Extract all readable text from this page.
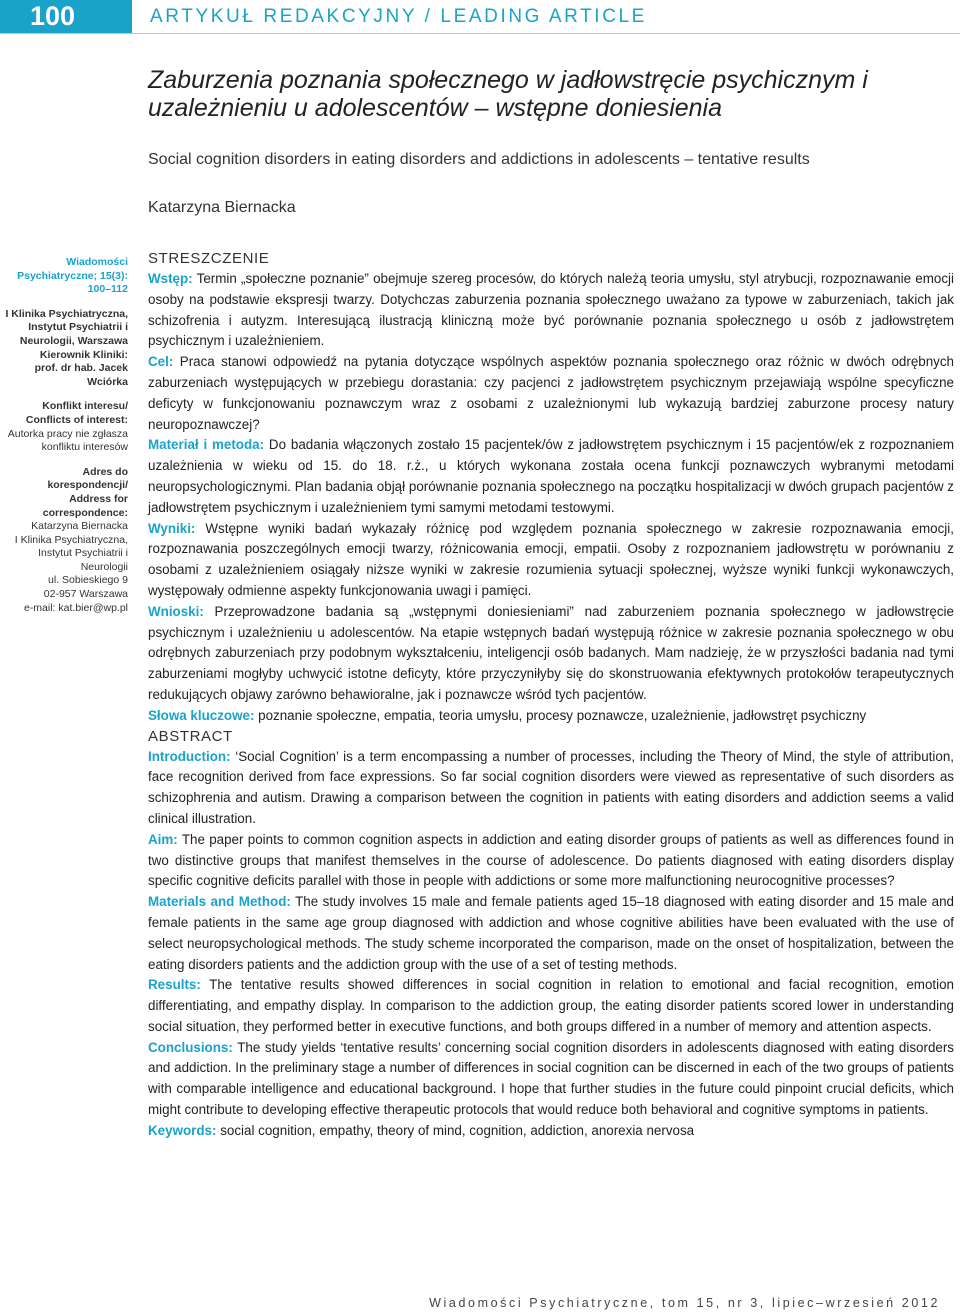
100	ARTYKUŁ REDAKCYJNY / LEADING ARTICLE
Zaburzenia poznania społecznego w jadłowstręcie psychicznym i uzależnieniu u adolescentów – wstępne doniesienia
Social cognition disorders in eating disorders and addictions in adolescents – tentative results
Katarzyna Biernacka
Wiadomości Psychiatryczne; 15(3): 100–112
I Klinika Psychiatryczna, Instytut Psychiatrii i Neurologii, Warszawa
Kierownik Kliniki:
prof. dr hab. Jacek Wciórka
Konflikt interesu/
Conflicts of interest:
Autorka pracy nie zgłasza konfliktu interesów
Adres do korespondencji/
Address for correspondence:
Katarzyna Biernacka
I Klinika Psychiatryczna, Instytut Psychiatrii i Neurologii
ul. Sobieskiego 9
02-957 Warszawa
e-mail: kat.bier@wp.pl

STRESZCZENIE

Wstęp: Termin „społeczne poznanie” obejmuje szereg procesów, do których należą teoria umysłu, styl atrybucji, rozpoznawanie emocji osoby na podstawie ekspresji twarzy. Dotychczas zaburzenia poznania społecznego uważano za typowe w zaburzeniach, takich jak schizofrenia i autyzm. Interesującą ilustracją kliniczną może być porównanie poznania społecznego u osób z jadłowstrętem psychicznym i uzależnieniem.

Cel: Praca stanowi odpowiedź na pytania dotyczące wspólnych aspektów poznania społecznego oraz różnic w dwóch odrębnych zaburzeniach występujących w przebiegu dorastania: czy pacjenci z jadłowstrętem psychicznym przejawiają wspólne specyficzne deficyty w funkcjonowaniu poznawczym wraz z osobami z uzależnionymi lub wykazują bardziej zaburzone procesy natury neuropoznawczej?

Materiał i metoda: Do badania włączonych zostało 15 pacjentek/ów z jadłowstrętem psychicznym i 15 pacjentów/ek z rozpoznaniem uzależnienia w wieku od 15. do 18. r.ż., u których wykonana została ocena funkcji poznawczych wybranymi metodami neuropsychologicznymi. Plan badania objął porównanie poznania społecznego na początku hospitalizacji w dwóch grupach pacjentów z jadłowstrętem psychicznym i uzależnieniem tymi samymi metodami testowymi.

Wyniki: Wstępne wyniki badań wykazały różnicę pod względem poznania społecznego w zakresie rozpoznawania emocji, rozpoznawania poszczególnych emocji twarzy, różnicowania emocji, empatii. Osoby z rozpoznaniem jadłowstrętu w porównaniu z osobami z uzależnieniem osiągały niższe wyniki w zakresie rozumienia sytuacji społecznej, wyższe wyniki funkcji wykonawczych, występowały odmienne aspekty funkcjonowania uwagi i pamięci.

Wnioski: Przeprowadzone badania są „wstępnymi doniesieniami” nad zaburzeniem poznania społecznego w jadłowstręcie psychicznym i uzależnieniu u adolescentów. Na etapie wstępnych badań występują różnice w zakresie poznania społecznego w obu odrębnych zaburzeniach przy podobnym wykształceniu, inteligencji osób badanych. Mam nadzieję, że w przyszłości badania nad tymi zaburzeniami mogłyby uchwycić istotne deficyty, które przyczyniłyby się do skonstruowania efektywnych protokołów terapeutycznych redukujących objawy zarówno behawioralne, jak i poznawcze wśród tych pacjentów.

Słowa kluczowe: poznanie społeczne, empatia, teoria umysłu, procesy poznawcze, uzależnienie, jadłowstręt psychiczny

ABSTRACT

Introduction: ‘Social Cognition’ is a term encompassing a number of processes, including the Theory of Mind, the style of attribution, face recognition derived from face expressions. So far social cognition disorders were viewed as representative of such disorders as schizophrenia and autism. Drawing a comparison between the cognition in patients with eating disorders and addiction seems a valid clinical illustration.

Aim: The paper points to common cognition aspects in addiction and eating disorder groups of patients as well as differences found in two distinctive groups that manifest themselves in the course of adolescence. Do patients diagnosed with eating disorders display specific cognitive deficits parallel with those in people with addictions or some more malfunctioning neurocognitive processes?

Materials and Method: The study involves 15 male and female patients aged 15–18 diagnosed with eating disorder and 15 male and female patients in the same age group diagnosed with addiction and whose cognitive abilities have been evaluated with the use of select neuropsychological methods. The study scheme incorporated the comparison, made on the onset of hospitalization, between the eating disorders patients and the addiction group with the use of a set of testing methods.

Results: The tentative results showed differences in social cognition in relation to emotional and facial recognition, emotion differentiating, and empathy display. In comparison to the addiction group, the eating disorder patients scored lower in understanding social situation, they performed better in executive functions, and both groups differed in a number of memory and attention aspects.

Conclusions: The study yields ‘tentative results’ concerning social cognition disorders in adolescents diagnosed with eating disorders and addiction. In the preliminary stage a number of differences in social cognition can be discerned in each of the two groups of patients with comparable intelligence and educational background. I hope that further studies in the future could pinpoint crucial deficits, which might contribute to developing effective therapeutic protocols that would reduce both behavioral and cognitive symptoms in patients.

Keywords: social cognition, empathy, theory of mind, cognition, addiction, anorexia nervosa

Wiadomości Psychiatryczne, tom 15, nr 3, lipiec–wrzesień 2012
